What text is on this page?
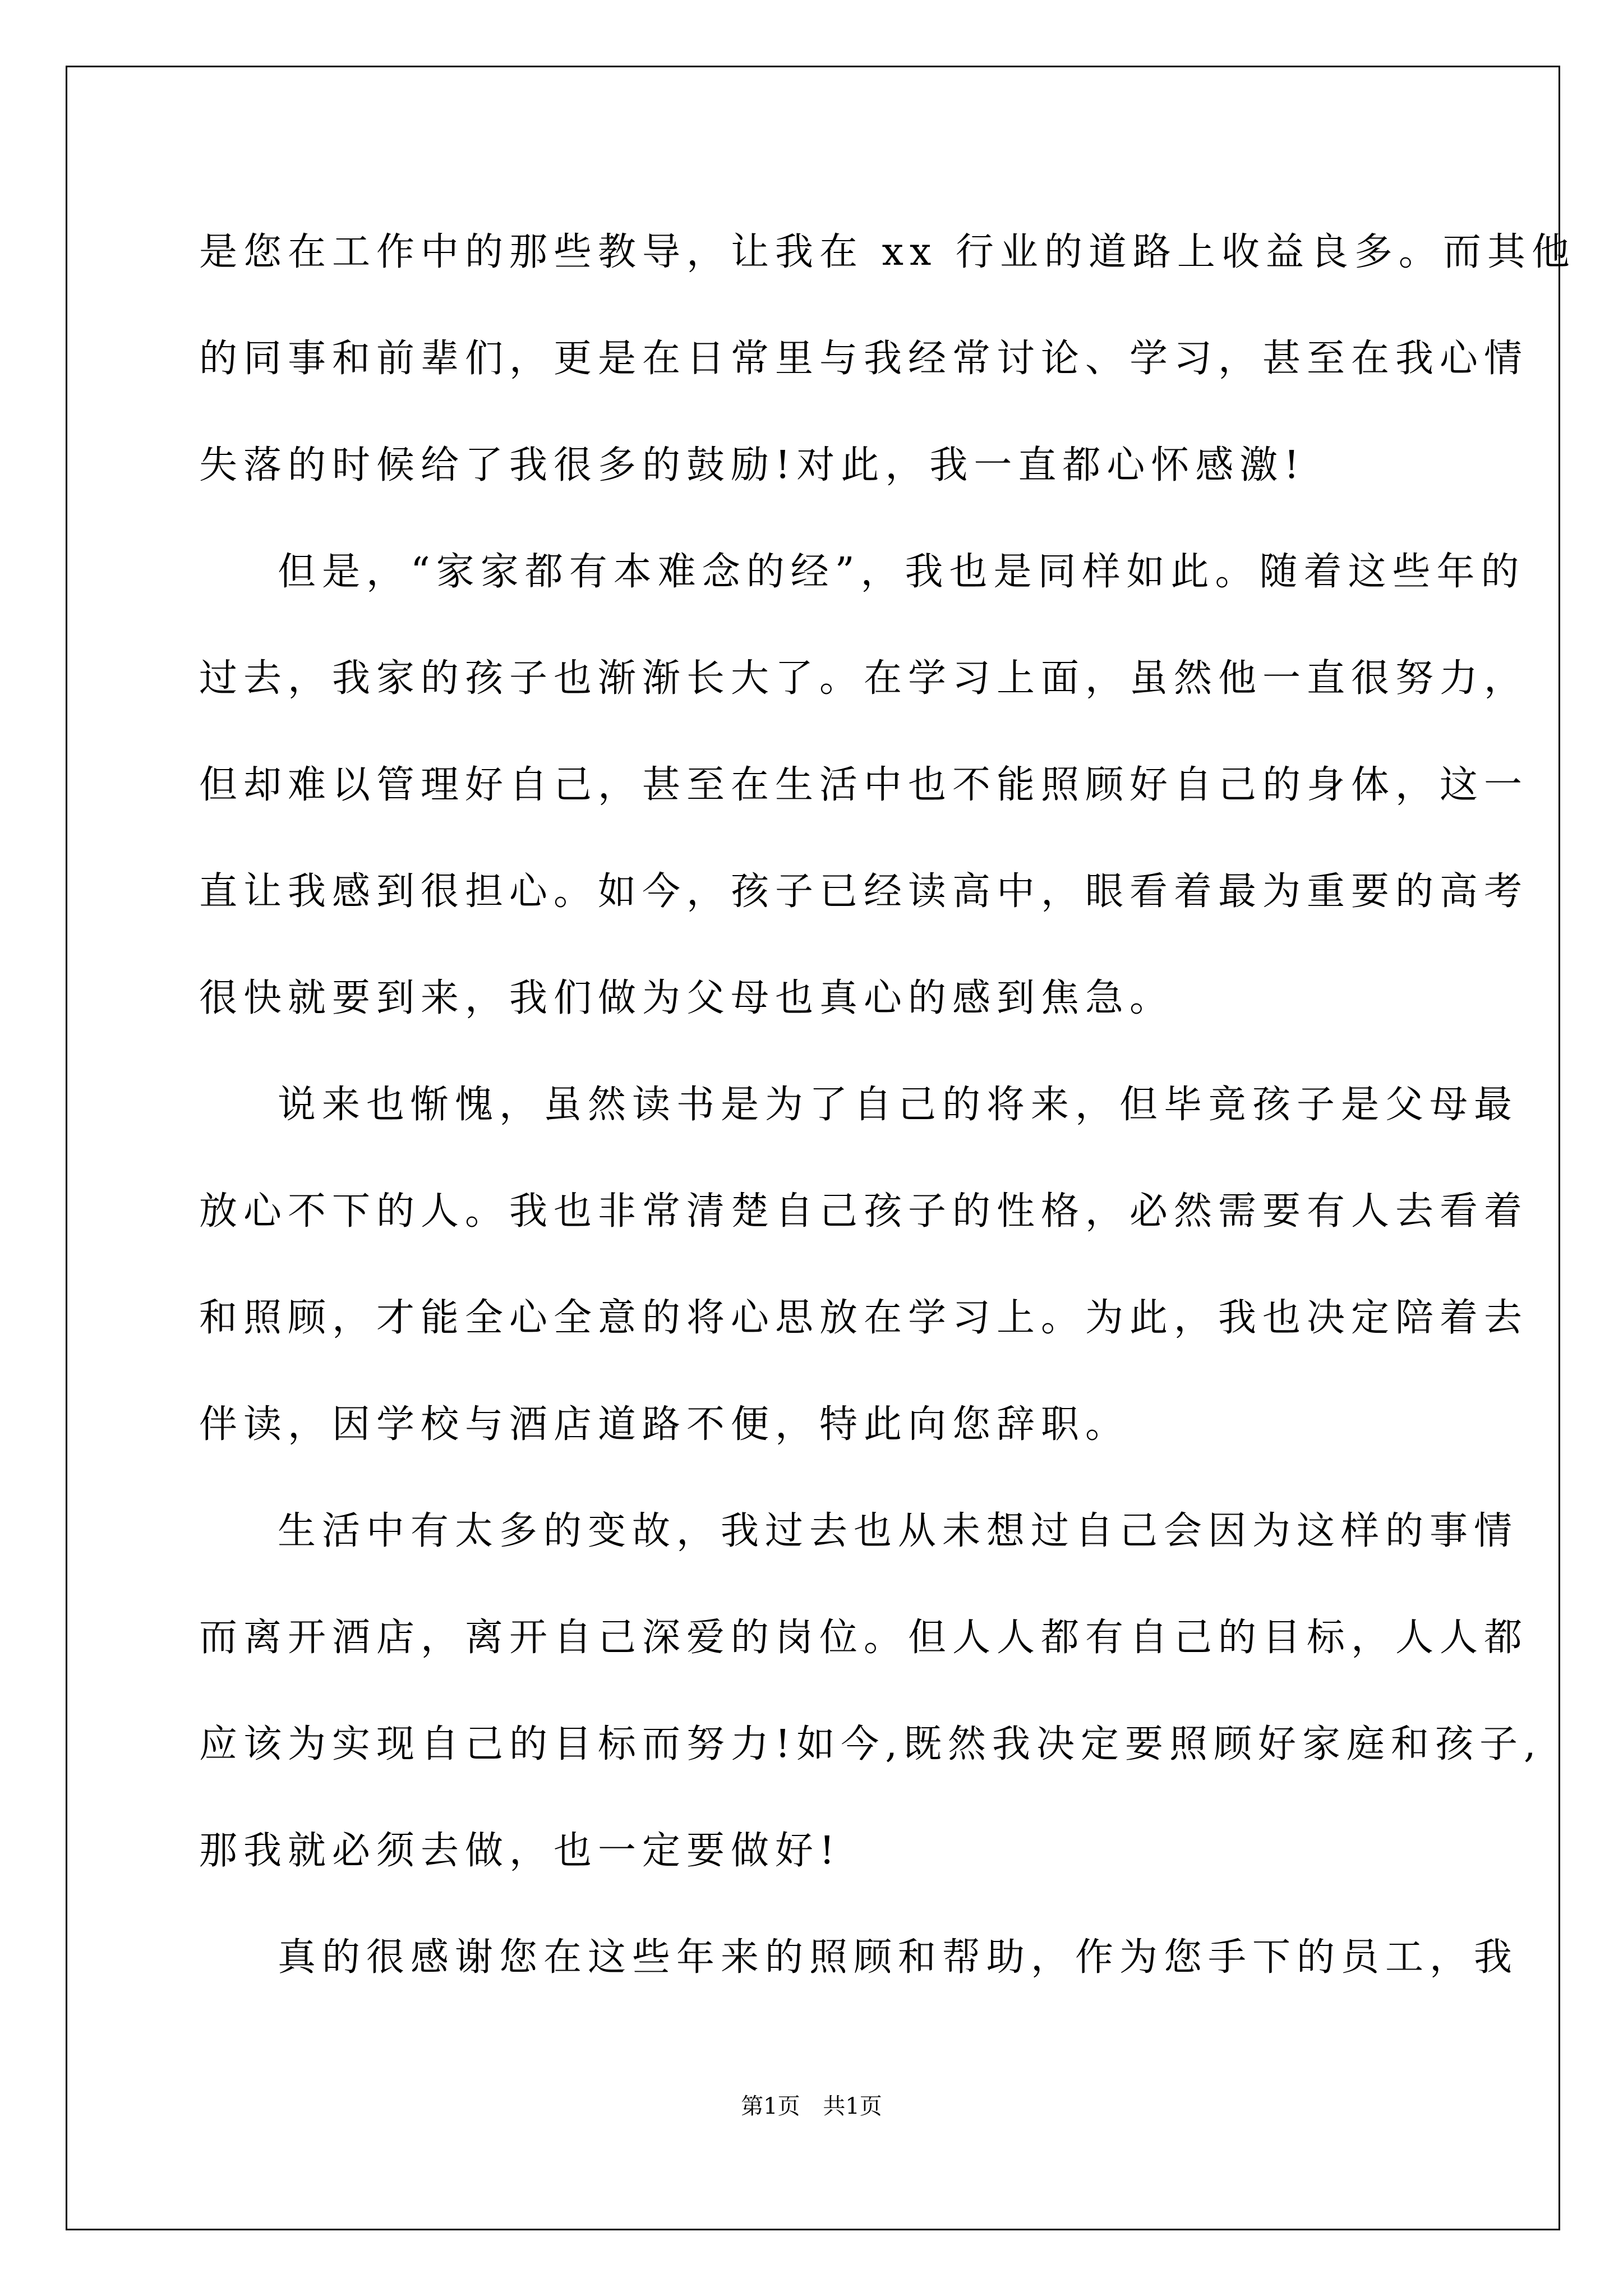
是您在工作中的那些教导，让我在 xx 行业的道路上收益良多。而其他
的同事和前辈们，更是在日常里与我经常讨论、学习，甚至在我心情
失落的时候给了我很多的鼓励!对此，我一直都心怀感激!
但是，“家家都有本难念的经”，我也是同样如此。随着这些年的
过去，我家的孩子也渐渐长大了。在学习上面，虽然他一直很努力，
但却难以管理好自己，甚至在生活中也不能照顾好自己的身体，这一
直让我感到很担心。如今，孩子已经读高中，眼看着最为重要的高考
很快就要到来，我们做为父母也真心的感到焦急。
说来也惭愧，虽然读书是为了自己的将来，但毕竟孩子是父母最
放心不下的人。我也非常清楚自己孩子的性格，必然需要有人去看着
和照顾，才能全心全意的将心思放在学习上。为此，我也决定陪着去
伴读，因学校与酒店道路不便，特此向您辞职。
生活中有太多的变故，我过去也从未想过自己会因为这样的事情
而离开酒店，离开自己深爱的岗位。但人人都有自己的目标，人人都
应该为实现自己的目标而努力!如今,既然我决定要照顾好家庭和孩子,
那我就必须去做，也一定要做好!
真的很感谢您在这些年来的照顾和帮助，作为您手下的员工，我
第1页 共1页
